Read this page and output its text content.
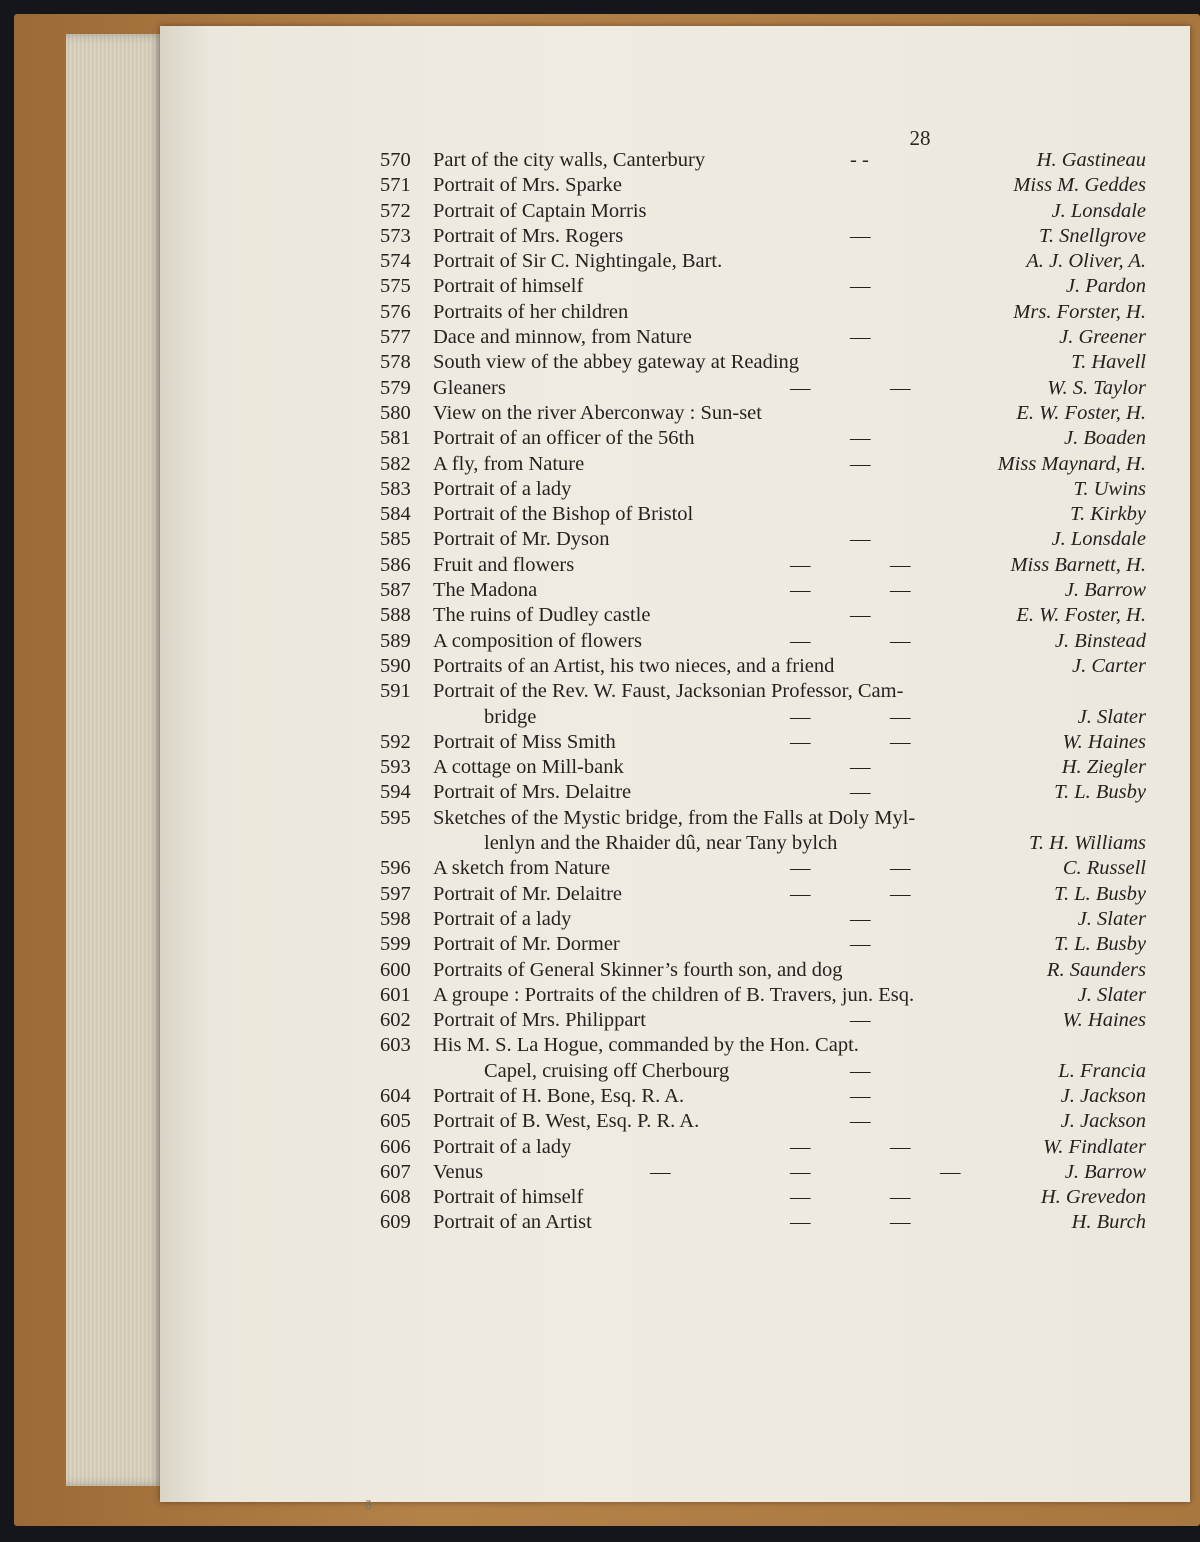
28
ᵹ
570	Part of the city walls, Canterbury	- -	H. Gastineau
571	Portrait of Mrs. Sparke	Miss M. Geddes
572	Portrait of Captain Morris	J. Lonsdale
573	Portrait of Mrs. Rogers	—	T. Snellgrove
574	Portrait of Sir C. Nightingale, Bart.	A. J. Oliver, A.
575	Portrait of himself	—	J. Pardon
576	Portraits of her children	Mrs. Forster, H.
577	Dace and minnow, from Nature	—	J. Greener
578	South view of the abbey gateway at Reading	T. Havell
579	Gleaners	—	—	W. S. Taylor
580	View on the river Aberconway : Sun-set	E. W. Foster, H.
581	Portrait of an officer of the 56th	—	J. Boaden
582	A fly, from Nature	—	Miss Maynard, H.
583	Portrait of a lady	T. Uwins
584	Portrait of the Bishop of Bristol	T. Kirkby
585	Portrait of Mr. Dyson	—	J. Lonsdale
586	Fruit and flowers	—	—	Miss Barnett, H.
587	The Madona	—	—	J. Barrow
588	The ruins of Dudley castle	—	E. W. Foster, H.
589	A composition of flowers	—	—	J. Binstead
590	Portraits of an Artist, his two nieces, and a friend	J. Carter
591	Portrait of the Rev. W. Faust, Jacksonian Professor, Cam-
bridge	—	—	J. Slater
592	Portrait of Miss Smith	—	—	W. Haines
593	A cottage on Mill-bank	—	H. Ziegler
594	Portrait of Mrs. Delaitre	—	T. L. Busby
595	Sketches of the Mystic bridge, from the Falls at Doly Myl-
lenlyn and the Rhaider dû, near Tany bylch	T. H. Williams
596	A sketch from Nature	—	—	C. Russell
597	Portrait of Mr. Delaitre	—	—	T. L. Busby
598	Portrait of a lady	—	J. Slater
599	Portrait of Mr. Dormer	—	T. L. Busby
600	Portraits of General Skinner’s fourth son, and dog	R. Saunders
601	A groupe : Portraits of the children of B. Travers, jun. Esq.	J. Slater
602	Portrait of Mrs. Philippart	—	W. Haines
603	His M. S. La Hogue, commanded by the Hon. Capt.
Capel, cruising off Cherbourg	—	L. Francia
604	Portrait of H. Bone, Esq. R. A.	—	J. Jackson
605	Portrait of B. West, Esq. P. R. A.	—	J. Jackson
606	Portrait of a lady	—	—	W. Findlater
607	Venus	—	—	—	J. Barrow
608	Portrait of himself	—	—	H. Grevedon
609	Portrait of an Artist	—	—	H. Burch
